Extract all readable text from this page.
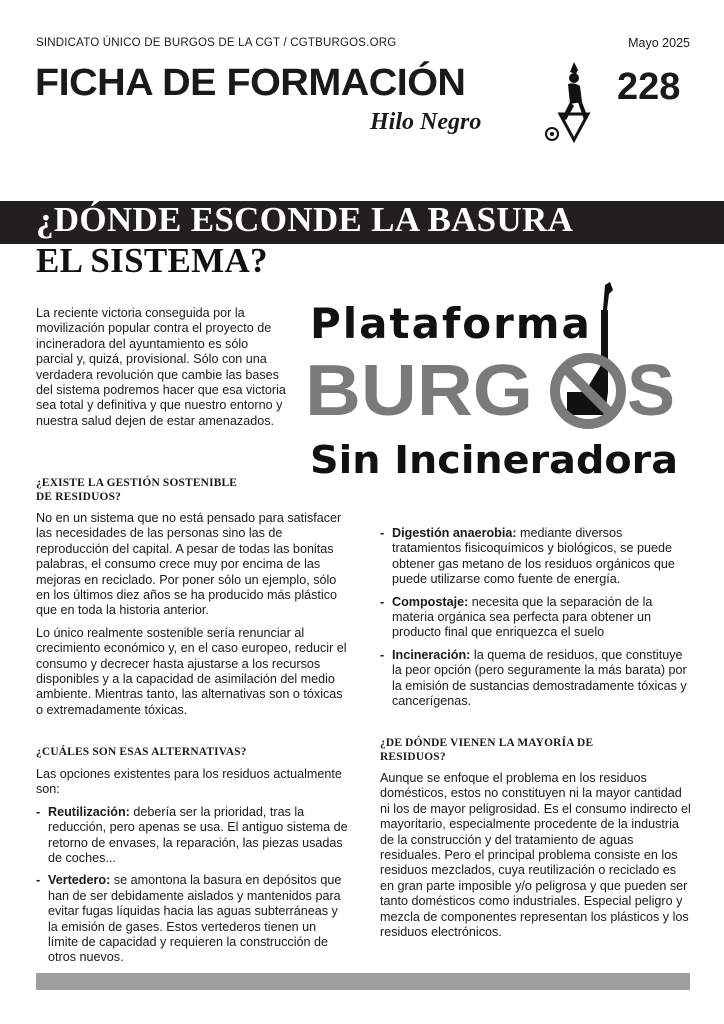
SINDICATO ÚNICO DE BURGOS DE LA CGT / CGTBURGOS.ORG	Mayo 2025
FICHA DE FORMACIÓN
Hilo Negro
228
¿DÓNDE ESCONDE LA BASURA
EL SISTEMA?
Plataforma
BURG S
Sin Incineradora
La reciente victoria conseguida por la movilización popular contra el proyecto de incineradora del ayuntamiento es sólo parcial y, quizá, provisional. Sólo con una verdadera revolución que cambie las bases del sistema podremos hacer que esa victoria sea total y definitiva y que nuestro entorno y nuestra salud dejen de estar amenazados.
¿EXISTE LA GESTIÓN SOSTENIBLE DE RESIDUOS?

No en un sistema que no está pensado para satisfacer las necesidades de las personas sino las de reproducción del capital. A pesar de todas las bonitas palabras, el consumo crece muy por encima de las mejoras en reciclado. Por poner sólo un ejemplo, sólo en los últimos diez años se ha producido más plástico que en toda la historia anterior.

Lo único realmente sostenible sería renunciar al crecimiento económico y, en el caso europeo, reducir el consumo y decrecer hasta ajustarse a los recursos disponibles y a la capacidad de asimilación del medio ambiente. Mientras tanto, las alternativas son o tóxicas o extremadamente tóxicas.

¿CUÁLES SON ESAS ALTERNATIVAS?

Las opciones existentes para los residuos actualmente son:

- Reutilización: debería ser la prioridad, tras la reducción, pero apenas se usa. El antiguo sistema de retorno de envases, la reparación, las piezas usadas de coches...
- Vertedero: se amontona la basura en depósitos que han de ser debidamente aislados y mantenidos para evitar fugas líquidas hacia las aguas subterráneas y la emisión de gases. Estos vertederos tienen un límite de capacidad y requieren la construcción de otros nuevos.
- Digestión anaerobia: mediante diversos tratamientos fisicoquímicos y biológicos, se puede obtener gas metano de los residuos orgánicos que puede utilizarse como fuente de energía.
- Compostaje: necesita que la separación de la materia orgánica sea perfecta para obtener un producto final que enriquezca el suelo
- Incineración: la quema de residuos, que constituye la peor opción (pero seguramente la más barata) por la emisión de sustancias demostradamente tóxicas y cancerígenas.
¿DE DÓNDE VIENEN LA MAYORÍA DE RESIDUOS?

Aunque se enfoque el problema en los residuos domésticos, estos no constituyen ni la mayor cantidad ni los de mayor peligrosidad. Es el consumo indirecto el mayoritario, especialmente procedente de la industria de la construcción y del tratamiento de aguas residuales. Pero el principal problema consiste en los residuos mezclados, cuya reutilización o reciclado es en gran parte imposible y/o peligrosa y que pueden ser tanto domésticos como industriales. Especial peligro y mezcla de componentes representan los plásticos y los residuos electrónicos.
